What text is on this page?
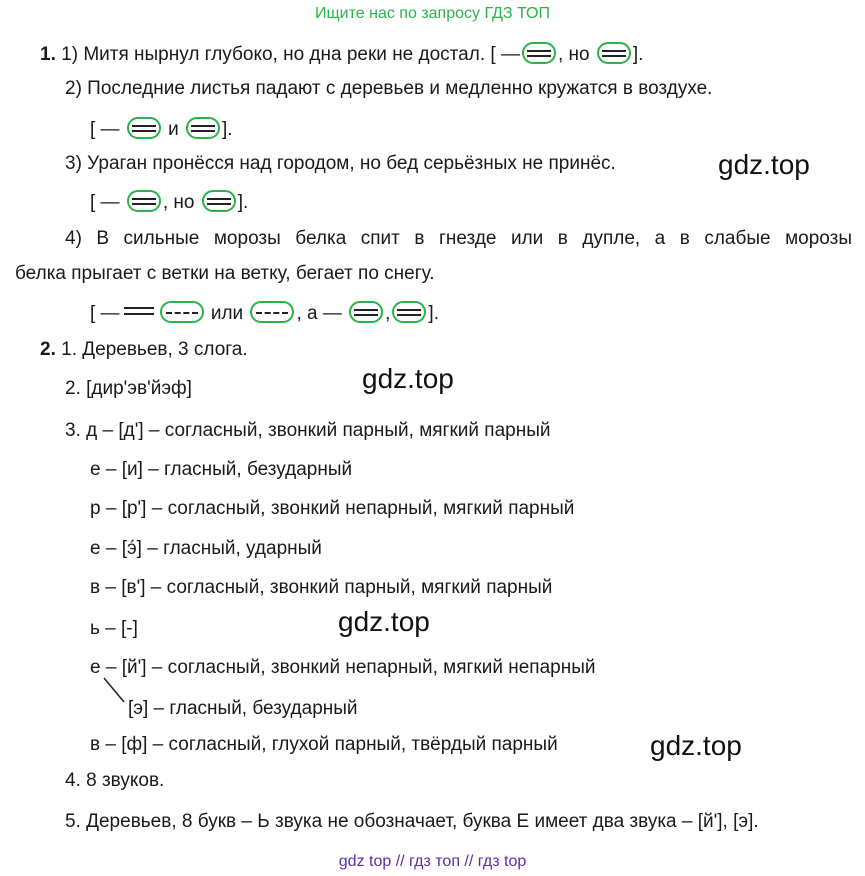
Ищите нас по запросу ГДЗ ТОП
1. 1) Митя нырнул глубоко, но дна реки не достал. [ — , но ].
2) Последние листья падают с деревьев и медленно кружатся в воздухе.
[ —	и ].
3) Ураган пронёсся над городом, но бед серьёзных не принёс.
[ — , но ].
4) В сильные морозы белка спит в гнезде или в дупле, а в слабые морозы
белка прыгает с ветки на ветку, бегает по снегу.
[ —	или	, а — , ].
2. 1. Деревьев, 3 слога.
2. [дир'эв'йэф]
3. д – [д'] – согласный, звонкий парный, мягкий парный
е – [и] – гласный, безударный
р – [р'] – согласный, звонкий непарный, мягкий парный
е – [э́] – гласный, ударный
в – [в'] – согласный, звонкий парный, мягкий парный
ь – [-]
е – [й'] – согласный, звонкий непарный, мягкий непарный
[э] – гласный, безударный
в – [ф] – согласный, глухой парный, твёрдый парный
4. 8 звуков.
5. Деревьев, 8 букв – Ь звука не обозначает, буква Е имеет два звука – [й'], [э].
gdz.top
gdz.top
gdz.top
gdz.top
gdz top // гдз топ // гдз top
